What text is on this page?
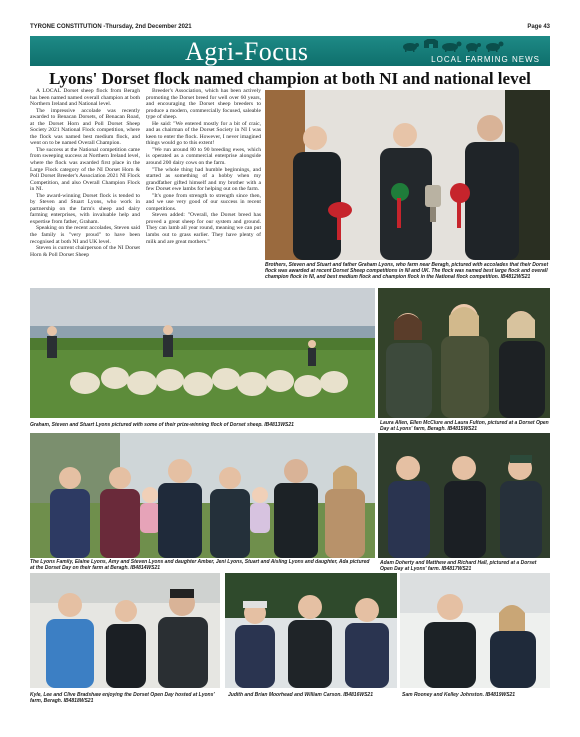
TYRONE CONSTITUTION -Thursday, 2nd December 2021	Page 43
Agri-Focus	LOCAL FARMING NEWS
Lyons' Dorset flock named champion at both NI and national level

A LOCAL Dorset sheep flock from Beragh has been named named overall champion at both Northern Ireland and National level.

The impressive accolade was recently awarded to Benacan Dorsets, of Benacan Road, at the Dorset Horn and Poll Dorset Sheep Society 2021 National Flock competition, where the flock was named best medium flock, and went on to be named Overall Champion.

The success at the National competition came from sweeping success at Northern Ireland level, where the flock was awarded first place in the Large Flock category of the NI Dorset Horn & Poll Dorset Breeder's Association 2021 NI Flock Competition, and also Overall Champion Flock in NI.

The award-winning Dorset flock is tended to by Steven and Stuart Lyons, who work in partnership on the farm's sheep and dairy farming enterprises, with invaluable help and expertise from father, Graham.

Speaking on the recent accolades, Steven said the family is "very proud" to have been recognised at both NI and UK level.

Steven is current chairperson of the NI Dorset Horn & Poll Dorset Sheep

Breeder's Association, which has been actively promoting the Dorset breed for well over 60 years, and encouraging the Dorset sheep breeders to produce a modern, commercially focused, saleable type of sheep.

He said: "We entered mostly for a bit of craic, and as chairman of the Dorset Society in NI I was keen to enter the flock. However, I never imagined things would go to this extent!

"We run around 80 to 90 breeding ewes, which is operated as a commercial enterprise alongside around 200 dairy cows on the farm.

"The whole thing had humble beginnings, and started as something of a hobby when my grandfather gifted himself and my brother with a few Dorset ewe lambs for helping out on the farm.

"It's gone from strength to strength since then, and we use very good of our success in recent competitions.

Steven added: "Overall, the Dorset breed has proved a great sheep for our system and ground. They can lamb all year round, meaning we can put lambs out to grass earlier. They have plenty of milk and are great mothers."

Brothers, Steven and Stuart and father Graham Lyons, who farm near Beragh, pictured with accolades that their Dorset flock was awarded at recent Dorset Sheep competitions in NI and UK. The flock was named best large flock and overall champion flock in NI, and best medium flock and champion flock in the National flock competition. IB4812WS21
Graham, Steven and Stuart Lyons pictured with some of their prize-winning flock of Dorset sheep. IB4813WS21	Laura Allen, Ellen McClure and Laura Fulton, pictured at a Dorset Open Day at Lyons' farm, Beragh. IB4815WS21
The Lyons Family, Elaine Lyons, Amy and Steven Lyons and daughter Amber, Jeni Lyons, Stuart and Aisling Lyons and daughter, Ada pictured at the Dorset Day on their farm at Beragh. IB4814WS21
Adam Doherty and Matthew and Richard Hall, pictured at a Dorset Open Day at Lyons' farm. IB4817WS21
Kyle, Lee and Clive Bradshaw enjoying the Dorset Open Day hosted at Lyons' farm, Beragh. IB4818WS21
Judith and Brian Moorhead and William Carson. IB4816WS21	Sam Rooney and Kelley Johnston. IB4819WS21
